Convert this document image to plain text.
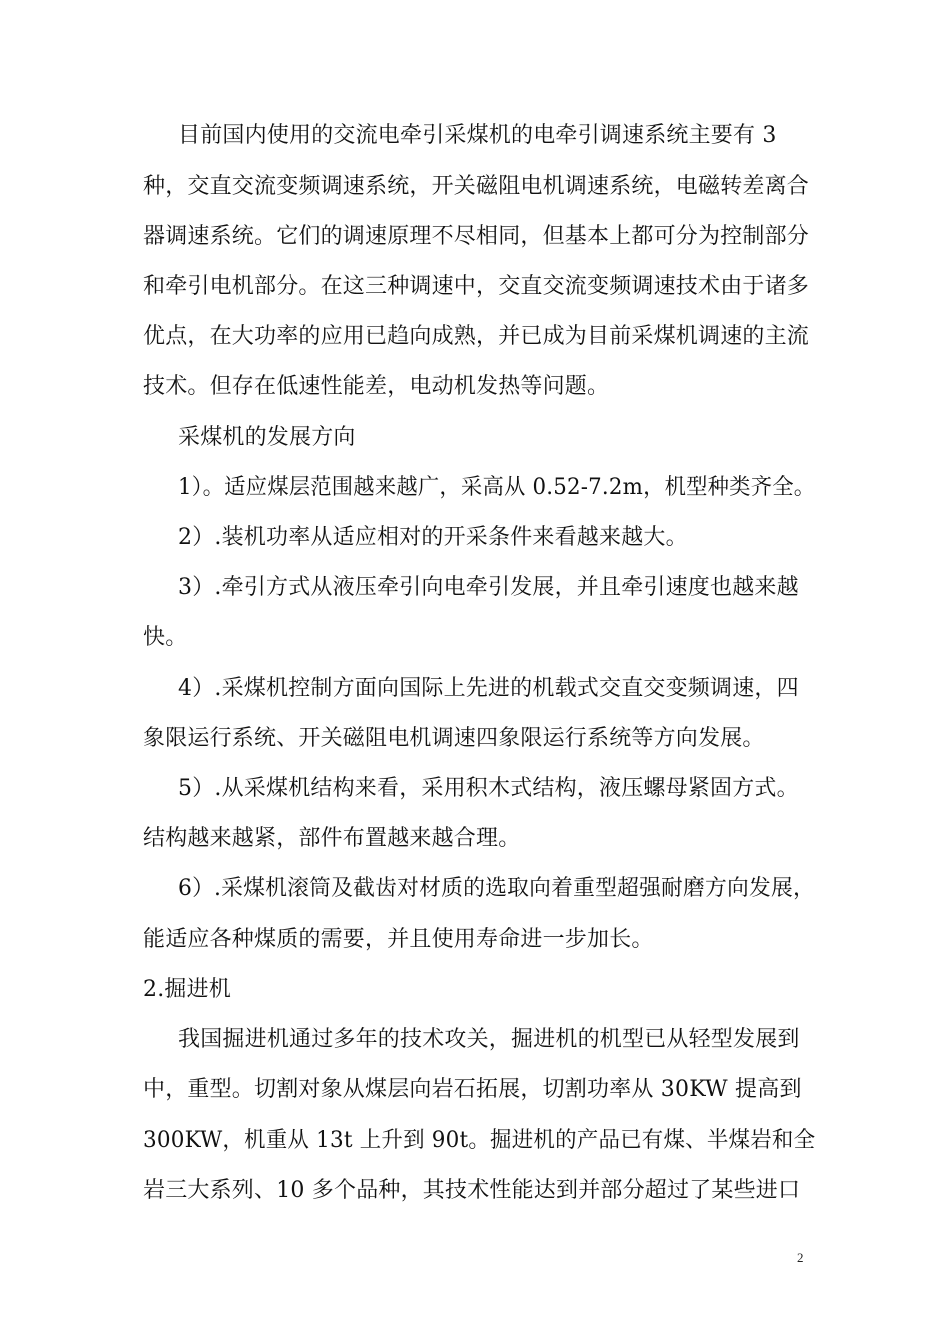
目前国内使用的交流电牵引采煤机的电牵引调速系统主要有 3
种，交直交流变频调速系统，开关磁阻电机调速系统，电磁转差离合
器调速系统。它们的调速原理不尽相同，但基本上都可分为控制部分
和牵引电机部分。在这三种调速中，交直交流变频调速技术由于诸多
优点，在大功率的应用已趋向成熟，并已成为目前采煤机调速的主流
技术。但存在低速性能差，电动机发热等问题。
采煤机的发展方向
1）。适应煤层范围越来越广，采高从 0.52-7.2m，机型种类齐全。
2）.装机功率从适应相对的开采条件来看越来越大。
3）.牵引方式从液压牵引向电牵引发展，并且牵引速度也越来越
快。
4）.采煤机控制方面向国际上先进的机载式交直交变频调速，四
象限运行系统、开关磁阻电机调速四象限运行系统等方向发展。
5）.从采煤机结构来看，采用积木式结构，液压螺母紧固方式。
结构越来越紧，部件布置越来越合理。
6）.采煤机滚筒及截齿对材质的选取向着重型超强耐磨方向发展，
能适应各种煤质的需要，并且使用寿命进一步加长。
2.掘进机
我国掘进机通过多年的技术攻关，掘进机的机型已从轻型发展到
中，重型。切割对象从煤层向岩石拓展，切割功率从 30KW 提高到
300KW，机重从 13t 上升到 90t。掘进机的产品已有煤、半煤岩和全
岩三大系列、10 多个品种，其技术性能达到并部分超过了某些进口
2
